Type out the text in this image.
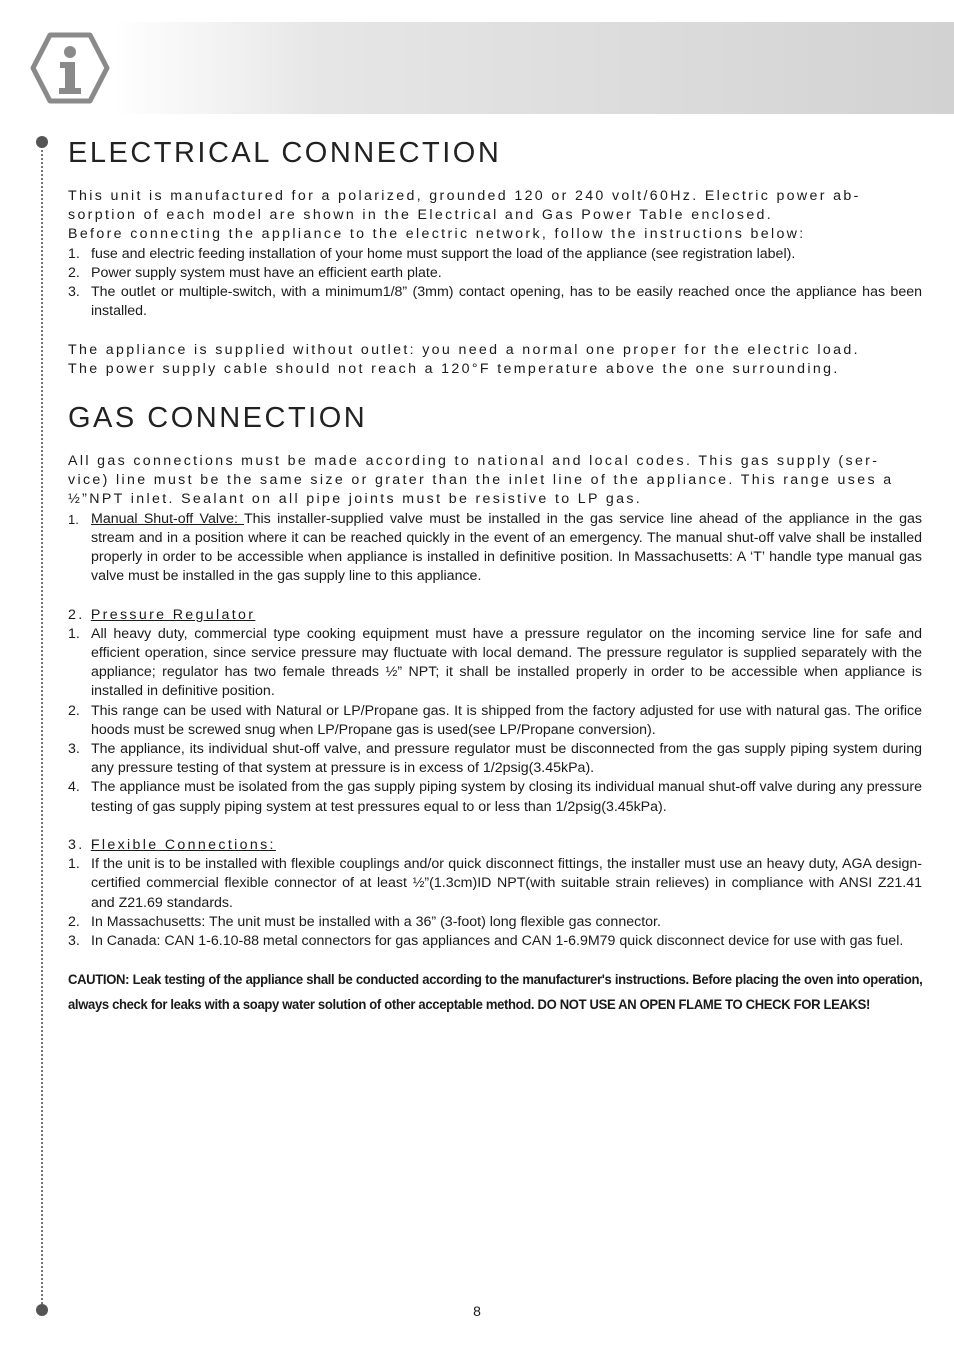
ELECTRICAL CONNECTION

This unit is manufactured for a polarized, grounded 120 or 240 volt/60Hz. Electric power ab-

sorption of each model are shown in the Electrical and Gas Power Table enclosed.

Before connecting the appliance to the electric network, follow the instructions below:

1. fuse and electric feeding installation of your home must support the load of the appliance (see registration label).
2. Power supply system must have an efficient earth plate.
3. The outlet or multiple-switch, with a minimum1/8” (3mm) contact opening, has to be easily reached once the appliance has been installed.

The appliance is supplied without outlet: you need a normal one proper for the electric load.

The power supply cable should not reach a 120°F temperature above the one surrounding.

GAS CONNECTION

All gas connections must be made according to national and local codes. This gas supply (ser-

vice) line must be the same size or grater than the inlet line of the appliance. This range uses a

½”NPT inlet. Sealant on all pipe joints must be resistive to LP gas.

1. Manual Shut-off Valve: This installer-supplied valve must be installed in the gas service line ahead of the appliance in the gas stream and in a position where it can be reached quickly in the event of an emergency. The manual shut-off valve shall be installed properly in order to be accessible when appliance is installed in definitive position. In Massachusetts: A ‘T’ handle type manual gas valve must be installed in the gas supply line to this appliance.

2. Pressure Regulator

1. All heavy duty, commercial type cooking equipment must have a pressure regulator on the incoming service line for safe and efficient operation, since service pressure may fluctuate with local demand. The pressure regulator is supplied separately with the appliance; regulator has two female threads ½” NPT; it shall be installed properly in order to be accessible when appliance is installed in definitive position.
2. This range can be used with Natural or LP/Propane gas. It is shipped from the factory adjusted for use with natural gas. The orifice hoods must be screwed snug when LP/Propane gas is used(see LP/Propane conversion).
3. The appliance, its individual shut-off valve, and pressure regulator must be disconnected from the gas supply piping system during any pressure testing of that system at pressure is in excess of 1/2psig(3.45kPa).
4. The appliance must be isolated from the gas supply piping system by closing its individual manual shut-off valve during any pressure testing of gas supply piping system at test pressures equal to or less than 1/2psig(3.45kPa).

3. Flexible Connections:

1. If the unit is to be installed with flexible couplings and/or quick disconnect fittings, the installer must use an heavy duty, AGA design-certified commercial flexible connector of at least ½”(1.3cm)ID NPT(with suitable strain relieves) in compliance with ANSI Z21.41 and Z21.69 standards.
2. In Massachusetts: The unit must be installed with a 36” (3-foot) long flexible gas connector.
3. In Canada: CAN 1-6.10-88 metal connectors for gas appliances and CAN 1-6.9M79 quick disconnect device for use with gas fuel.
CAUTION: Leak testing of the appliance shall be conducted according to the manufacturer's instructions. Before placing the oven into operation, always check for leaks with a soapy water solution of other acceptable method. DO NOT USE AN OPEN FLAME TO CHECK FOR LEAKS!
8
